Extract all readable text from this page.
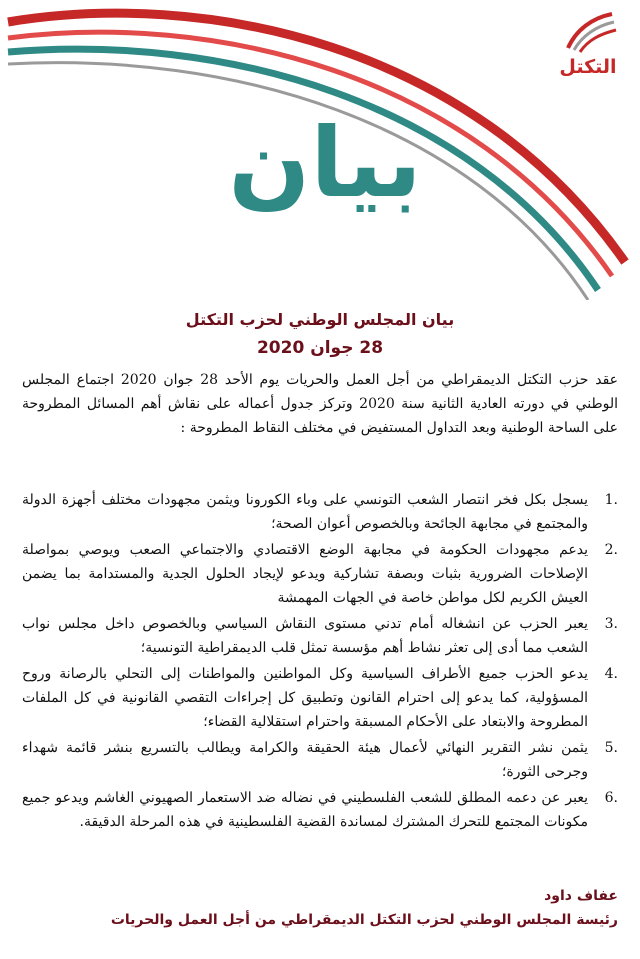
التكتل
بيان
بيان المجلس الوطني لحزب التكتل
28 جوان 2020
عقد حزب التكتل الديمقراطي من أجل العمل والحريات يوم الأحد 28 جوان 2020 اجتماع المجلس الوطني في دورته العادية الثانية سنة 2020 وتركز جدول أعماله على نقاش أهم المسائل المطروحة على الساحة الوطنية وبعد التداول المستفيض في مختلف النقاط المطروحة :
1.
يسجل بكل فخر انتصار الشعب التونسي على وباء الكورونا ويثمن مجهودات مختلف أجهزة الدولة والمجتمع في مجابهة الجائحة وبالخصوص أعوان الصحة؛
2.
يدعم مجهودات الحكومة في مجابهة الوضع الاقتصادي والاجتماعي الصعب ويوصي بمواصلة الإصلاحات الضرورية بثبات وبصفة تشاركية ويدعو لإيجاد الحلول الجدية والمستدامة بما يضمن العيش الكريم لكل مواطن خاصة في الجهات المهمشة
3.
يعبر الحزب عن انشغاله أمام تدني مستوى النقاش السياسي وبالخصوص داخل مجلس نواب الشعب مما أدى إلى تعثر نشاط أهم مؤسسة تمثل قلب الديمقراطية التونسية؛
4.
يدعو الحزب جميع الأطراف السياسية وكل المواطنين والمواطنات إلى التحلي بالرصانة وروح المسؤولية، كما يدعو إلى احترام القانون وتطبيق كل إجراءات التقصي القانونية في كل الملفات المطروحة والابتعاد على الأحكام المسبقة واحترام استقلالية القضاء؛
5.
يثمن نشر التقرير النهائي لأعمال هيئة الحقيقة والكرامة ويطالب بالتسريع بنشر قائمة شهداء وجرحى الثورة؛
6.
يعبر عن دعمه المطلق للشعب الفلسطيني في نضاله ضد الاستعمار الصهيوني الغاشم ويدعو جميع مكونات المجتمع للتحرك المشترك لمساندة القضية الفلسطينية في هذه المرحلة الدقيقة.
عفاف داود
رئيسة المجلس الوطني لحزب التكتل الديمقراطي من أجل العمل والحريات
